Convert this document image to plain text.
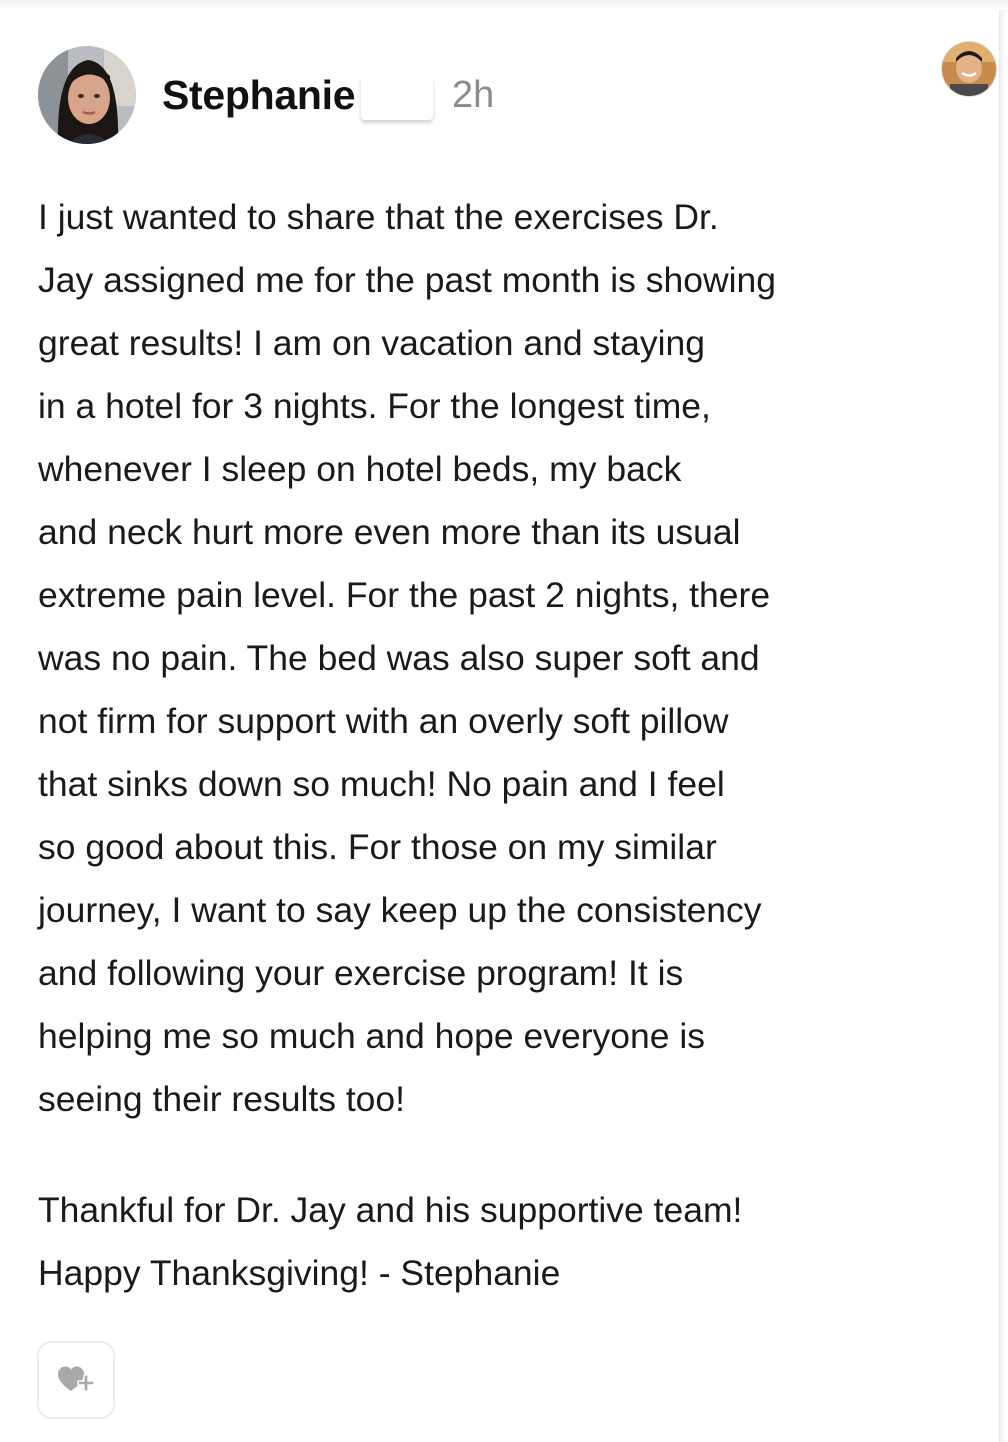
Stephanie	2h
I just wanted to share that the exercises Dr.
Jay assigned me for the past month is showing
great results! I am on vacation and staying
in a hotel for 3 nights. For the longest time,
whenever I sleep on hotel beds, my back
and neck hurt more even more than its usual
extreme pain level. For the past 2 nights, there
was no pain. The bed was also super soft and
not firm for support with an overly soft pillow
that sinks down so much! No pain and I feel
so good about this. For those on my similar
journey, I want to say keep up the consistency
and following your exercise program! It is
helping me so much and hope everyone is
seeing their results too!
Thankful for Dr. Jay and his supportive team!
Happy Thanksgiving! - Stephanie
